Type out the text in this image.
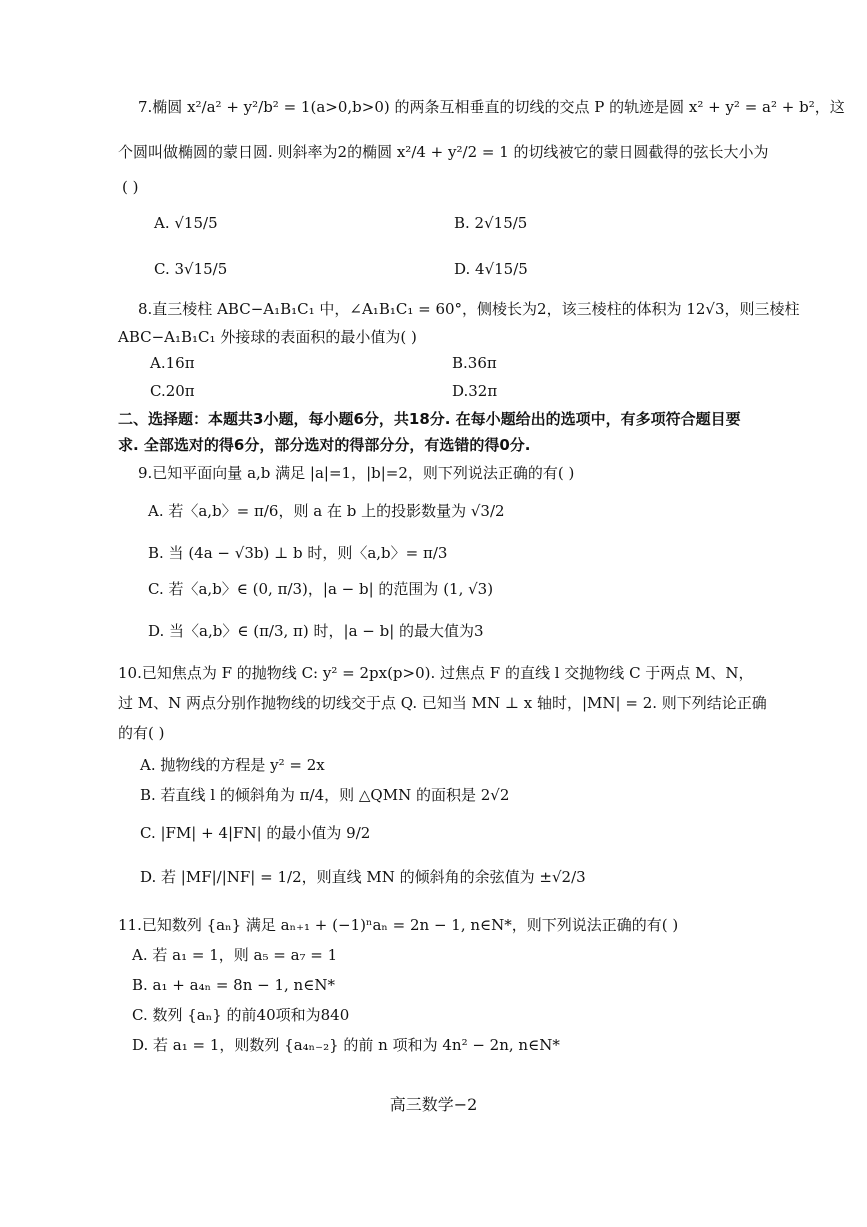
7.椭圆 x²/a² + y²/b² = 1(a>0,b>0) 的两条互相垂直的切线的交点 P 的轨迹是圆 x² + y² = a² + b²，这
个圆叫做椭圆的蒙日圆. 则斜率为2的椭圆 x²/4 + y²/2 = 1 的切线被它的蒙日圆截得的弦长大小为
( )
A. √15/5	B. 2√15/5
C. 3√15/5	D. 4√15/5
8.直三棱柱 ABC−A₁B₁C₁ 中，∠A₁B₁C₁ = 60°，侧棱长为2，该三棱柱的体积为 12√3，则三棱柱
ABC−A₁B₁C₁ 外接球的表面积的最小值为( )
A.16π	B.36π
C.20π	D.32π
二、选择题：本题共3小题，每小题6分，共18分. 在每小题给出的选项中，有多项符合题目要
求. 全部选对的得6分，部分选对的得部分分，有选错的得0分.
9.已知平面向量 a,b 满足 |a|=1，|b|=2，则下列说法正确的有( )
A. 若〈a,b〉= π/6，则 a 在 b 上的投影数量为 √3/2
B. 当 (4a − √3b) ⊥ b 时，则〈a,b〉= π/3
C. 若〈a,b〉∈ (0, π/3)，|a − b| 的范围为 (1, √3)
D. 当〈a,b〉∈ (π/3, π) 时，|a − b| 的最大值为3
10.已知焦点为 F 的抛物线 C: y² = 2px(p>0). 过焦点 F 的直线 l 交抛物线 C 于两点 M、N，
过 M、N 两点分别作抛物线的切线交于点 Q. 已知当 MN ⊥ x 轴时，|MN| = 2. 则下列结论正确
的有( )
A. 抛物线的方程是 y² = 2x
B. 若直线 l 的倾斜角为 π/4，则 △QMN 的面积是 2√2
C. |FM| + 4|FN| 的最小值为 9/2
D. 若 |MF|/|NF| = 1/2，则直线 MN 的倾斜角的余弦值为 ±√2/3
11.已知数列 {aₙ} 满足 aₙ₊₁ + (−1)ⁿaₙ = 2n − 1, n∈N*，则下列说法正确的有( )
A. 若 a₁ = 1，则 a₅ = a₇ = 1
B. a₁ + a₄ₙ = 8n − 1, n∈N*
C. 数列 {aₙ} 的前40项和为840
D. 若 a₁ = 1，则数列 {a₄ₙ₋₂} 的前 n 项和为 4n² − 2n, n∈N*
高三数学−2
